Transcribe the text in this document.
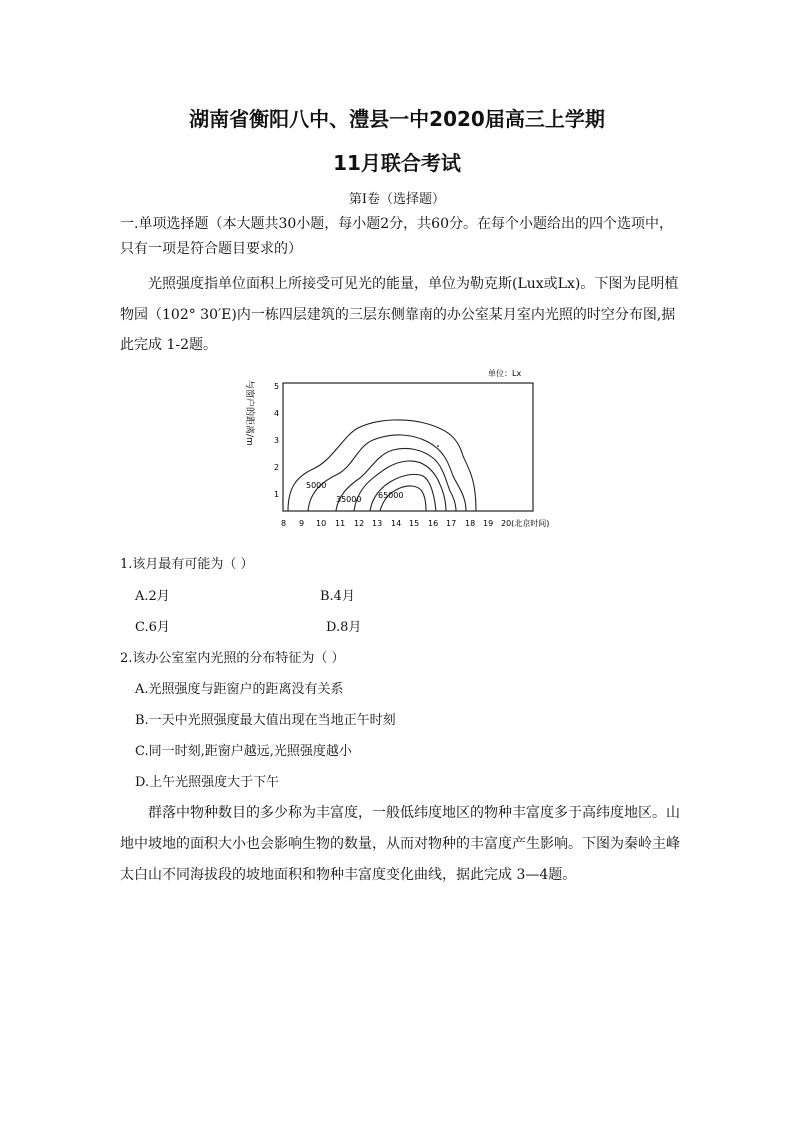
湖南省衡阳八中、澧县一中2020届高三上学期
11月联合考试
第Ⅰ卷（选择题）
一.单项选择题（本大题共30小题，每小题2分，共60分。在每个小题给出的四个选项中，
只有一项是符合题目要求的）
光照强度指单位面积上所接受可见光的能量，单位为勒克斯(Lux或Lx)。下图为昆明植
物园（102° 30′E)内一栋四层建筑的三层东侧靠南的办公室某月室内光照的时空分布图,据
此完成 1-2题。
单位：Lx
与窗户的距离/m
1
2
3
4
5
8 9 10 11 12 13 14 15 16 17 18 19 20(北京时间)
5000
35000 65000
1.该月最有可能为（ ）
A.2月	B.4月
C.6月	D.8月
2.该办公室室内光照的分布特征为（ ）
A.光照强度与距窗户的距离没有关系
B.一天中光照强度最大值出现在当地正午时刻
C.同一时刻,距窗户越远,光照强度越小
D.上午光照强度大于下午
群落中物种数目的多少称为丰富度，一般低纬度地区的物种丰富度多于高纬度地区。山
地中坡地的面积大小也会影响生物的数量，从而对物种的丰富度产生影响。下图为秦岭主峰
太白山不同海拔段的坡地面积和物种丰富度变化曲线，据此完成 3—4题。
